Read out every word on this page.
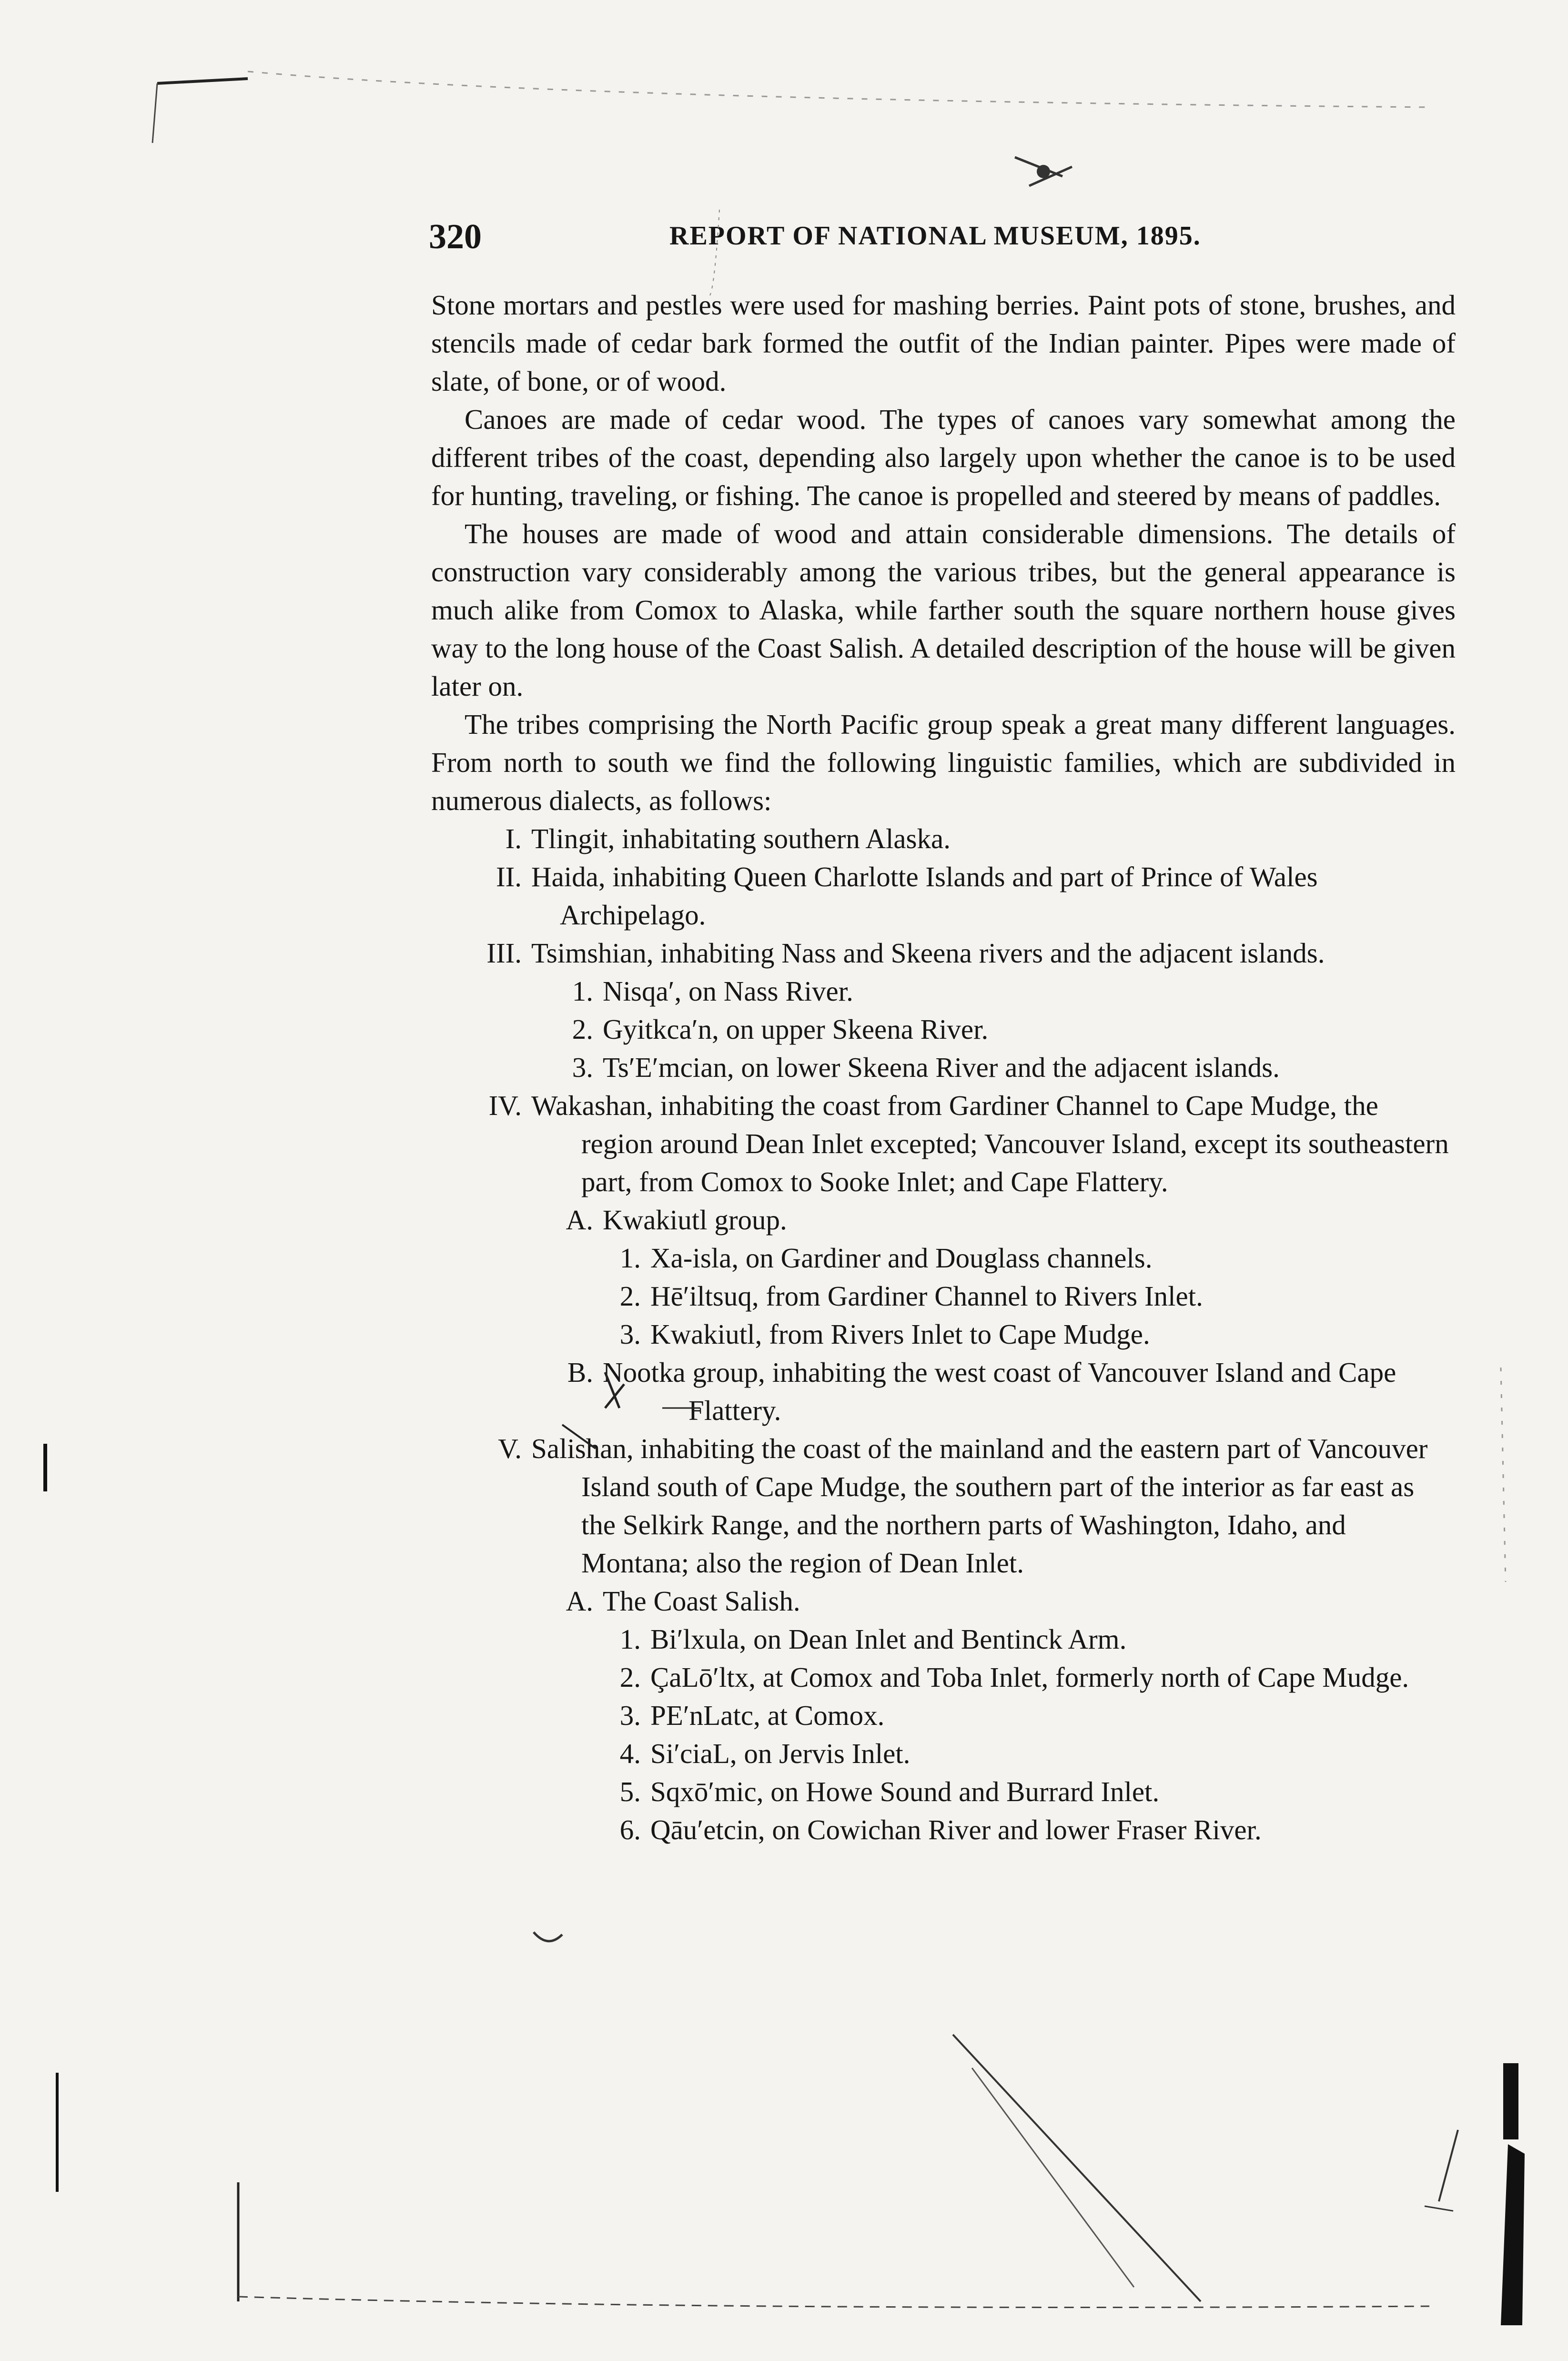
320	REPORT OF NATIONAL MUSEUM, 1895.

Stone mortars and pestles were used for mashing berries. Paint pots of stone, brushes, and stencils made of cedar bark formed the outfit of the Indian painter. Pipes were made of slate, of bone, or of wood.

Canoes are made of cedar wood. The types of canoes vary somewhat among the different tribes of the coast, depending also largely upon whether the canoe is to be used for hunting, traveling, or fishing. The canoe is propelled and steered by means of paddles.

The houses are made of wood and attain considerable dimensions. The details of construction vary considerably among the various tribes, but the general appearance is much alike from Comox to Alaska, while farther south the square northern house gives way to the long house of the Coast Salish. A detailed description of the house will be given later on.

The tribes comprising the North Pacific group speak a great many different languages. From north to south we find the following linguistic families, which are subdivided in numerous dialects, as follows:

I. Tlingit, inhabitating southern Alaska.
II. Haida, inhabiting Queen Charlotte Islands and part of Prince of Wales Archipelago.
III. Tsimshian, inhabiting Nass and Skeena rivers and the adjacent islands.
1. Nisqa′, on Nass River.
2. Gyitkca′n, on upper Skeena River.
3. Ts′E′mcian, on lower Skeena River and the adjacent islands.
IV. Wakashan, inhabiting the coast from Gardiner Channel to Cape Mudge, the region around Dean Inlet excepted; Vancouver Island, except its southeastern part, from Comox to Sooke Inlet; and Cape Flattery.
A. Kwakiutl group.
1. Xa-isla, on Gardiner and Douglass channels.
2. Hē′iltsuq, from Gardiner Channel to Rivers Inlet.
3. Kwakiutl, from Rivers Inlet to Cape Mudge.
B. Nootka group, inhabiting the west coast of Vancouver Island and Cape Flattery.
V. Salishan, inhabiting the coast of the mainland and the eastern part of Vancouver Island south of Cape Mudge, the southern part of the interior as far east as the Selkirk Range, and the northern parts of Washington, Idaho, and Montana; also the region of Dean Inlet.
A. The Coast Salish.
1. Bi′lxula, on Dean Inlet and Bentinck Arm.
2. ÇaLō′ltx, at Comox and Toba Inlet, formerly north of Cape Mudge.
3. PE′nLatc, at Comox.
4. Si′ciaL, on Jervis Inlet.
5. Sqxō′mic, on Howe Sound and Burrard Inlet.
6. Qāu′etcin, on Cowichan River and lower Fraser River.
